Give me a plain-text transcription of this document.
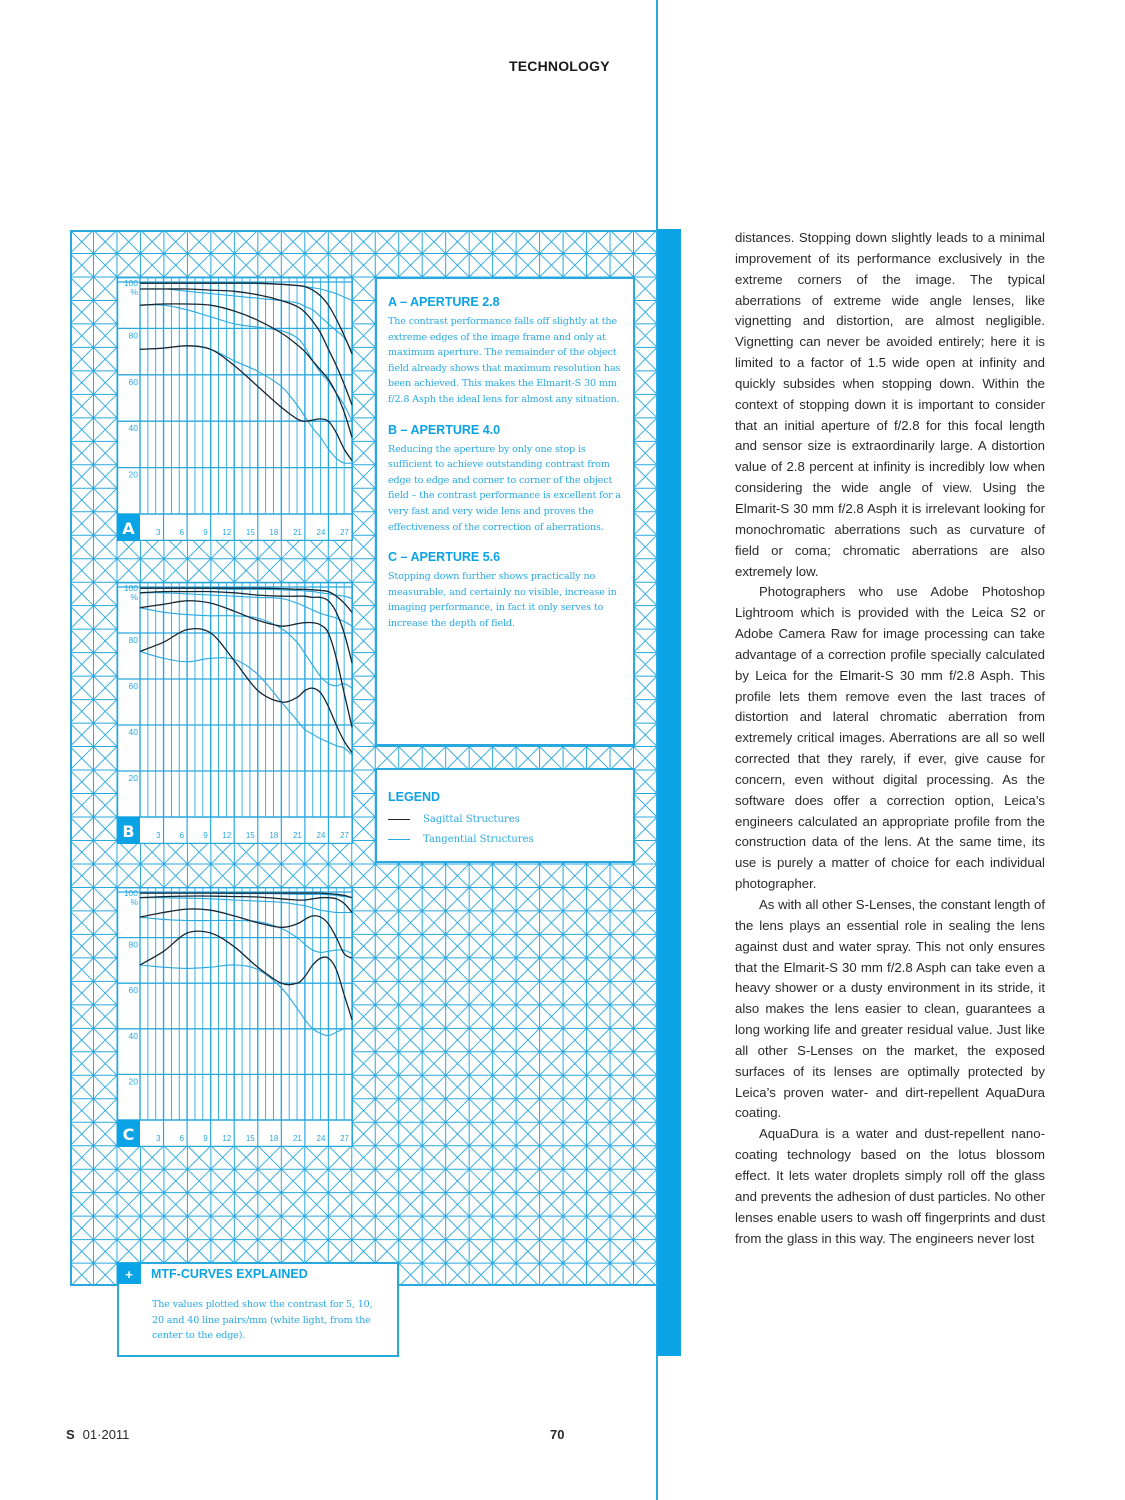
TECHNOLOGY
20
40
60
80
100
%
3 6 9 12 15 18 21 24 27
A
20
40
60
80
100
%
3 6 9 12 15 18 21 24 27
B
20
40
60
80
100
%
3 6 9 12 15 18 21 24 27
C
A – APERTURE 2.8

The contrast performance falls off slightly at the extreme edges of the image frame and only at maximum aperture. The remainder of the object field already shows that maximum resolution has been achieved. This makes the Elmarit-S 30 mm f/2.8 Asph the ideal lens for almost any situation.

B – APERTURE 4.0

Reducing the aperture by only one stop is sufficient to achieve outstanding contrast from edge to edge and corner to corner of the object field – the contrast performance is excellent for a very fast and very wide lens and proves the effectiveness of the correction of aberrations.

C – APERTURE 5.6

Stopping down further shows practically no measurable, and certainly no visible, increase in imaging performance, in fact it only serves to increase the depth of field.

LEGEND
Sagittal Structures
Tangential Structures
+	MTF-CURVES EXPLAINED

The values plotted show the contrast for 5, 10, 20 and 40 line pairs/mm (white light, from the center to the edge).

distances. Stopping down slightly leads to a minimal improvement of its performance exclusively in the extreme corners of the image. The typical aberrations of extreme wide angle lenses, like vignetting and distortion, are almost negligible. Vignetting can never be avoided entirely; here it is limited to a factor of 1.5 wide open at infinity and quickly subsides when stopping down. Within the context of stopping down it is important to consider that an initial aperture of f/2.8 for this focal length and sensor size is extraordinarily large. A distortion value of 2.8 percent at infinity is incredibly low when considering the wide angle of view. Using the Elmarit-S 30 mm f/2.8 Asph it is irrelevant looking for monochromatic aberrations such as curvature of field or coma; chromatic aberrations are also extremely low.

Photographers who use Adobe Photoshop Lightroom which is provided with the Leica S2 or Adobe Camera Raw for image processing can take advantage of a correction profile specially calculated by Leica for the Elmarit-S 30 mm f/2.8 Asph. This profile lets them remove even the last traces of distortion and lateral chromatic aberration from extremely critical images. Aberrations are all so well corrected that they rarely, if ever, give cause for concern, even without digital processing. As the software does offer a correction option, Leica’s engineers calculated an appropriate profile from the construction data of the lens. At the same time, its use is purely a matter of choice for each individual photographer.

As with all other S-Lenses, the constant length of the lens plays an essential role in sealing the lens against dust and water spray. This not only ensures that the Elmarit-S 30 mm f/2.8 Asph can take even a heavy shower or a dusty environment in its stride, it also makes the lens easier to clean, guarantees a long working life and greater residual value. Just like all other S-Lenses on the market, the exposed surfaces of its lenses are optimally protected by Leica’s proven water- and dirt-repellent AquaDura coating.

AquaDura is a water and dust-repellent nano-coating technology based on the lotus blossom effect. It lets water droplets simply roll off the glass and prevents the adhesion of dust particles. No other lenses enable users to wash off fingerprints and dust from the glass in this way. The engineers never lost

S 01·2011	70
